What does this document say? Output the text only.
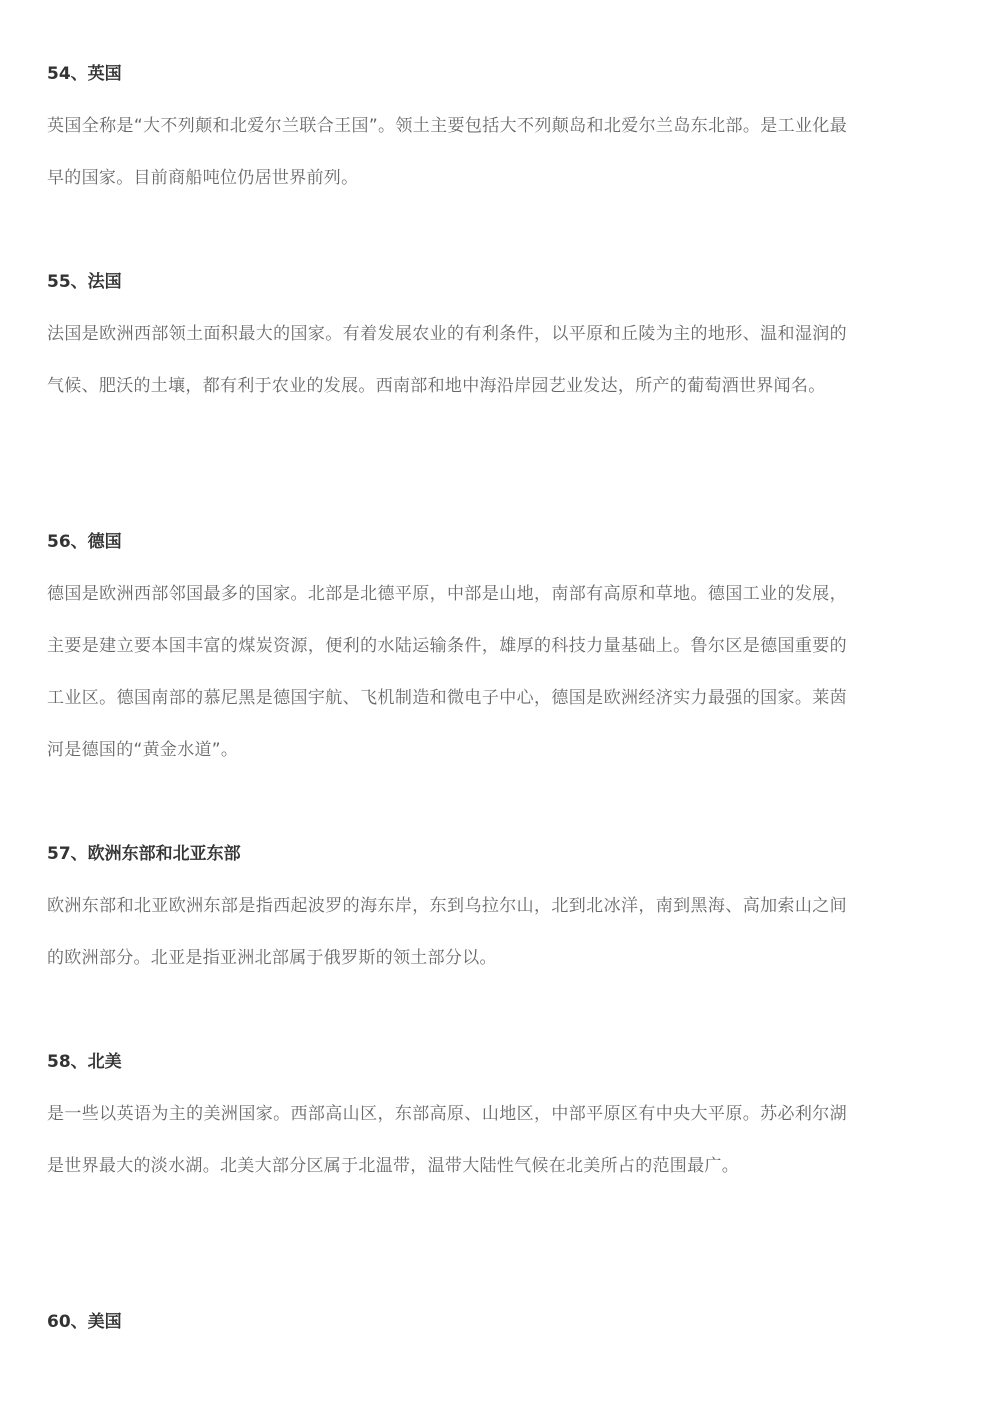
54、英国

英国全称是“大不列颠和北爱尔兰联合王国”。领土主要包括大不列颠岛和北爱尔兰岛东北部。是工业化最早的国家。目前商船吨位仍居世界前列。

55、法国

法国是欧洲西部领土面积最大的国家。有着发展农业的有利条件，以平原和丘陵为主的地形、温和湿润的气候、肥沃的土壤，都有利于农业的发展。西南部和地中海沿岸园艺业发达，所产的葡萄酒世界闻名。

56、德国

德国是欧洲西部邻国最多的国家。北部是北德平原，中部是山地，南部有高原和草地。德国工业的发展，主要是建立要本国丰富的煤炭资源，便利的水陆运输条件，雄厚的科技力量基础上。鲁尔区是德国重要的工业区。德国南部的慕尼黑是德国宇航、飞机制造和微电子中心，德国是欧洲经济实力最强的国家。莱茵河是德国的“黄金水道”。

57、欧洲东部和北亚东部

欧洲东部和北亚欧洲东部是指西起波罗的海东岸，东到乌拉尔山，北到北冰洋，南到黑海、高加索山之间的欧洲部分。北亚是指亚洲北部属于俄罗斯的领土部分以。

58、北美

是一些以英语为主的美洲国家。西部高山区，东部高原、山地区，中部平原区有中央大平原。苏必利尔湖是世界最大的淡水湖。北美大部分区属于北温带，温带大陆性气候在北美所占的范围最广。

60、美国
